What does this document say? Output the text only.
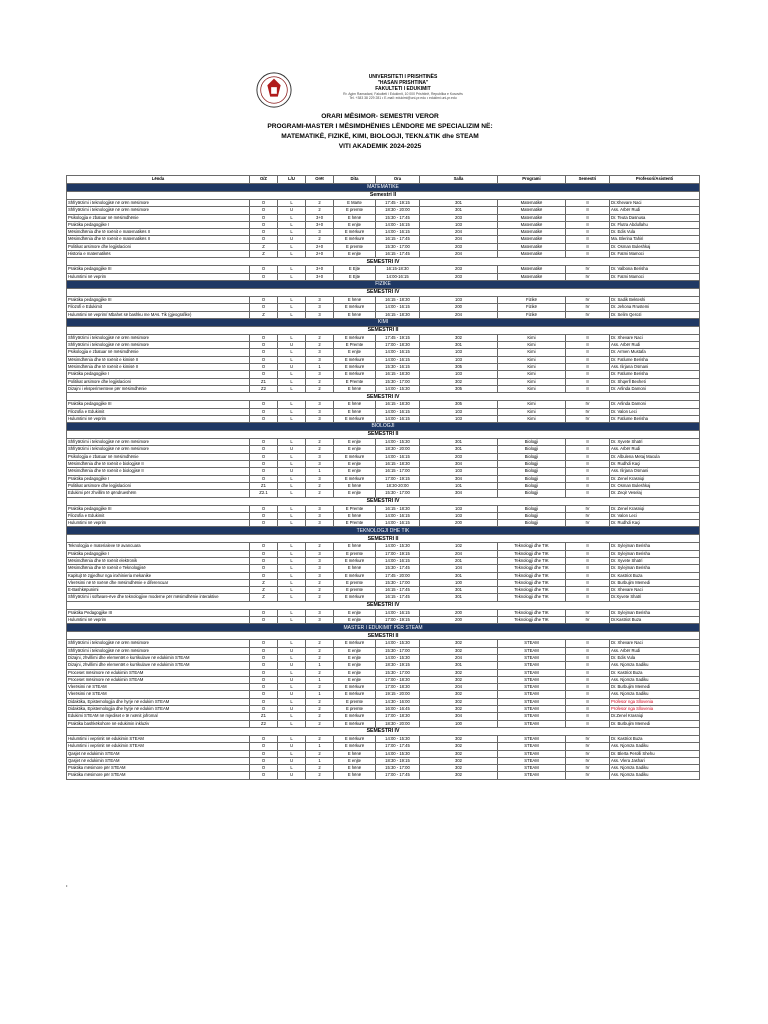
UNIVERSITETI I PRISHTINËS
"HASAN PRISHTINA"
FAKULTETI I EDUKIMIT
Rr. Agim Ramadani, Fakulteti i Edukimit, 10 000 Prishtinë, Republika e Kosovës
Tel. +383 38 229 281 • E-mail: edukimi@uni-pr.edu • edukimi.uni-pr.edu
ORARI MËSIMOR- SEMESTRI VEROR
PROGRAMI-MASTER I MËSIMDHËNIES LËNDORE ME SPECIALIZIM NË:
MATEMATIKË, FIZIKË, KIMI, BIOLOGJI, TEKN.&TIK dhe STEAM
VITI AKADEMIK 2024-2025
Lënda	O/Z	L/U	Orët	Dita	Ora	Salla	Programi	Semestri	Profesori/Asistenti
MATEMATIKË									
Semestri II									
Shfrytëzimi i teknologjisë në orën mësimore	O	L	2	E Marte	17:45 - 19:15	301	Matematikë	II	Dr.Xhevare Naci
Shfrytëzimi i teknologjisë në orën mësimore	O	U	2	E premte	18:30 - 20:00	301	Matematikë	II	Ass. Arbër Rudi
Psikologjia e zbatuar në mësimdhënie	O	L	3+0	E hënë	15:30 - 17:45	203	Matematikë	II	Dr. Teuta Dasnusa
Praktika pedagogjike I	O	L	3+0	E enjte	14:00 - 16:15	103	Matematikë	II	Dr. Flutra Abdullahu
Mësimdhënia dhe të nxënit e matematikës II	O	L	3	E mërkurë	14:00 - 16:15	204	Matematikë	II	Dr. Edis Vula
Mësimdhënia dhe të nxënit e matematikës II	O	U	2	E mërkurë	16:15 - 17:45	204	Matematikë	II	Ma. Blerina Tahiri
Politikat arsimore dhe legjislacioni	Z	L	2+0	E premte	15:30 - 17:00	203	Matematikë	II	Dr. Osman Buleshkaj
Historia e matematikës	Z	L	2+0	E enjte	16:15 - 17:45	204	Matematikë	II	Dr. Fatmi Mamoci
SEMESTRI IV									
Praktika pedagogjike III	O	L	3+0	E Ejte	16:15-18:30	203	Matematikë	IV	Dr. Valbona Berisha
Hulumtimi në veprim	O	L	3+0	E Ejte	14:00-16:15	203	Matematikë	IV	Dr. Fatmi Mamoci
FIZIKË									
SEMESTRI IV									
Praktika pedagogjike III	O	L	3	E hënë	16:15 - 18:30	103	Fizikë	IV	Dr. Sadik Bekteshi
Filozofi e Edukimit	O	L	3	E mërkurë	14:00 - 16:15	200	Fizikë	IV	Dr. Jehona Rrustemi
Hulumtimi në veprim/ Mbahet së bashku me MAs. Tik (gjeografike)	Z	L	3	E hënë	16:15 - 18:30	204	Fizikë	IV	Dr. Selim Qerozi
KIMI									
SEMESTRI II									
Shfrytëzimi i teknologjisë në orën mësimore	O	L	2	E mërkurë	17:45 - 19:15	302	Kimi	II	Dr. Xhevare Naci
Shfrytëzimi i teknologjisë në orën mësimore	O	U	2	E Premte	17:00 - 18:30	301	Kimi	II	Ass. Arbër Rudi
Psikologjia e zbatuar në mësimdhënie	O	L	3	E enjte	14:00 - 16:15	103	Kimi	II	Dr. Armen Mustafa
Mësimdhënia dhe të nxënit e kimisë II	O	L	3	E mërkurë	14:00 - 16:15	103	Kimi	II	Dr. Fatlume Berisha
Mësimdhënia dhe të nxënit e kimisë II	O	U	1	E mërkurë	15:30 - 16:15	305	Kimi	II	Ass. Ilirjana Osmani
Praktika pedagogjike I	O	L	3	E mërkurë	16:15 - 18:30	103	Kimi	II	Dr. Fatlume Berisha
Politikat arsimore dhe legjislacioni	Z1	L	2	E Premte	15:30 - 17:00	302	Kimi	II	Dr. Shqerll Bexheti
Dizajni i eksperimenteve për mësimdhënie	Z2	L	2	E hënë	14:00 - 15:30	305	Kimi	II	Dr. Arlinda Damoni
SEMESTRI IV									
Praktika pedagogjike III	O	L	3	E hënë	16:15 - 18:30	305	Kimi	IV	Dr. Arlinda Damoni
Filozofia e Edukimit	O	L	3	E hënë	14:00 - 16:15	103	Kimi	IV	Dr. Valon Leci
Hulumtimi në veprim	O	L	3	E mërkurë	14:00 - 16:15	103	Kimi	IV	Dr. Fatlume Berisha
BIOLOGJI									
SEMESTRI II									
Shfrytëzimi i teknologjisë në orën mësimore	O	L	2	E enjte	14:00 - 15:30	301	Biologji	II	Dr. Xyvete Shatri
Shfrytëzimi i teknologjisë në orën mësimore	O	U	2	E enjte	18:30 - 20:00	301	Biologji	II	Ass. Arbër Rudi
Psikologjia e zbatuar në mësimdhënie	O	L	3	E mërkurë	14:00 - 16:15	203	Biologji	II	Dr. Albulena Metaj Macula
Mësimdhënia dhe të nxënit e biologjisë II	O	L	3	E enjte	16:15 - 18:30	304	Biologji	II	Dr. Rudhdi Kaçi
Mësimdhënia dhe të nxënit e biologjisë II	O	U	1	E enjte	16:15 - 17:00	103	Biologji	II	Ass. Ilirjana Osmani
Praktika pedagogjike I	O	L	3	E mërkurë	17:00 - 19:15	304	Biologji	II	Dr. Zenel Krasniqi
Politikat arsimore dhe legjislacioni	Z1	L	2	E hënë	18:30-20:00	101	Biologji	II	Dr. Osman Buleshkaj
Edukimi për zhvillim të qëndrueshëm	Z2.1	L	2	E enjte	15:30 - 17:00	304	Biologji	II	Dr. Zeqir Veselaj
SEMESTRI IV									
Praktika pedagogjike III	O	L	3	E Premte	16:15 - 18:30	103	Biologji	IV	Dr. Zenel Krasniqi
Filozofia e Edukimit	O	L	3	E hënë	14:00 - 16:15	103	Biologji	IV	Dr. Valon Leci
Hulumtimi në veprim	O	L	3	E Premte	14:00 - 16:15	200	Biologji	IV	Dr. Rudhdi Kaçi
TEKNOLOGJI DHE TIK									
SEMESTRI II									
Teknologjia e materialeve të avancuara	O	L	2	E hënë	14:00 - 15:30	102	Teknologji dhe TIK	II	Dr. Sylejman Berisha
Praktika pedagogjike I	O	L	3	E premte	17:00 - 19:15	204	Teknologji dhe TIK	II	Dr. Sylejman Berisha
Mësimdhënia dhe të nxënit elektronik	O	L	3	E mërkurë	14:00 - 16:15	201	Teknologji dhe TIK	II	Dr. Xyvete Shatri
Mësimdhënia dhe të nxënit e Teknologjisë	O	L	3	E hënë	15:30 - 17:45	104	Teknologji dhe TIK	II	Dr. Sylejman Berisha
Kapitujt të zgjedhur nga inxhinieria mekanike	O	L	3	E mërkurë	17:45 - 20:00	301	Teknologji dhe TIK	II	Dr. Kastriot Buza
Vlerësimi në të nxënë dhe mësimdhënie e diferencuar	Z	L	2	E premte	15:30 - 17:00	100	Teknologji dhe TIK	II	Dr. Burbujim Memedi
E-Bashkëpunimi	Z	L	2	E premte	16:15 - 17:45	301	Teknologji dhe TIK	II	Dr. Xhevare Naci
Shfrytëzimi i software-ëve dhe teknologjive moderne për mësimdhënie interaktive	Z	L	2	E mërkurë	16:15 - 17:45	301	Teknologji dhe TIK	II	Dr.Xyvete Shatri
SEMESTRI IV									
Praktika Pedagogjike III	O	L	3	E enjte	14:00 - 16:15	200	Teknologji dhe TIK	IV	Dr. Sylejman Berisha
Hulumtimi në veprim	O	L	3	E enjte	17:00 - 19:15	200	Teknologji dhe TIK	IV	Dr.Kastriot Buza
MASTER I EDUKIMIT PËR STEAM									
SEMESTRI II									
Shfrytëzimi i teknologjisë në orën mësimore	O	L	2	E mërkurë	14:00 - 15:30	302	STEAM	II	Dr. Xhevare Naci
Shfrytëzimi i teknologjisë në orën mësimore	O	U	2	E enjte	15:30 - 17:00	302	STEAM	II	Ass. Arbër Rudi
Dizajni, zhvillimi dhe elementët e kurrikulave në edukimin STEAM	O	L	2	E enjte	14:00 - 15:30	204	STEAM	II	Dr. Edis Vula
Dizajni, zhvillimi dhe elementët e kurrikulave në edukimin STEAM	O	U	1	E enjte	18:30 - 19:15	301	STEAM	II	Ass. Njomza Sadiku
Proceset mësimore në edukimin STEAM	O	L	2	E enjte	15:30 - 17:00	302	STEAM	II	Dr. Kastriot Buza
Proceset mësimore në edukimin STEAM	O	U	1	E enjte	17:00 - 18:30	302	STEAM	II	Ass. Njomza Sadiku
Vlerësimi në STEAM	O	L	2	E mërkurë	17:00 - 18:30	204	STEAM	II	Dr. Burbujim Memedi
Vlerësimi në STEAM	O	U	1	E mërkurë	19:15 - 20:00	302	STEAM	II	Ass. Njomza Sadiku
Didaktika, Epistemologjia dhe hyrje në edukim STEAM	O	L	2	E premte	14:30 - 16:00	302	STEAM	II	Profesor nga Sllovenia
Didaktika, Epistemologjia dhe hyrje në edukim STEAM	O	U	2	E premte	16:00 - 16:45	302	STEAM	II	Profesor nga Sllovenia
Edukimi STEAM në mjediset e të nxënit jofromal	Z1	L	2	E mërkurë	17:00 - 18:30	304	STEAM	II	Dr.Zenel Krasniqi
Praktika bashkëkohore në edukimin inkluziv	Z2	L	2	E mërkurë	18:30 - 20:00	100	STEAM	II	Dr. Burbujim Memedi
SEMESTRI IV									
Hulumtimi i veprimit në edukimin STEAM	O	L	2	E mërkurë	14:00 - 15:30	302	STEAM	IV	Dr. Kastriot Buza
Hulumtimi i veprimit në edukimin STEAM	O	U	1	E mërkurë	17:00 - 17:45	302	STEAM	IV	Ass. Njomza Sadiku
Qasjet në edukimin STEAM	O	L	2	E hënë	14:00 - 15:30	302	STEAM	IV	Dr. Blerta Perolli Shehu
Qasjet në edukimin STEAM	O	U	1	E enjte	18:30 - 19:15	302	STEAM	IV	Ass. Vlera Jashari
Praktika mësimore për STEAM	O	L	2	E hënë	15:30 - 17:00	302	STEAM	IV	Ass. Njomza Sadiku
Praktika mësimore për STEAM	O	U	2	E hënë	17:00 - 17:45	302	STEAM	IV	Ass. Njomza Sadiku
•
